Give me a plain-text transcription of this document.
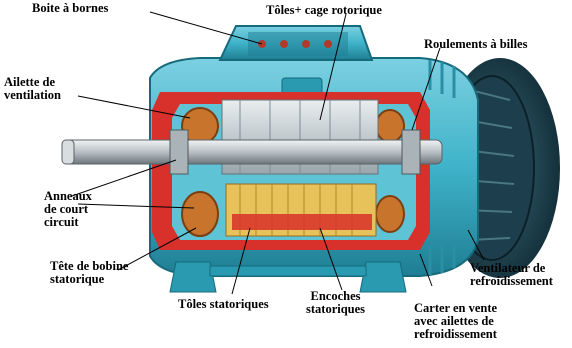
Boite à bornes	Tôles+ cage rotorique
Roulements à billes
Ailette de
ventilation
Anneaux
de court
circuit
Tête de bobine
statorique
Tôles statoriques
Encoches
statoriques
Ventilateur de
refroidissement
Carter en vente
avec ailettes de
refroidissement
